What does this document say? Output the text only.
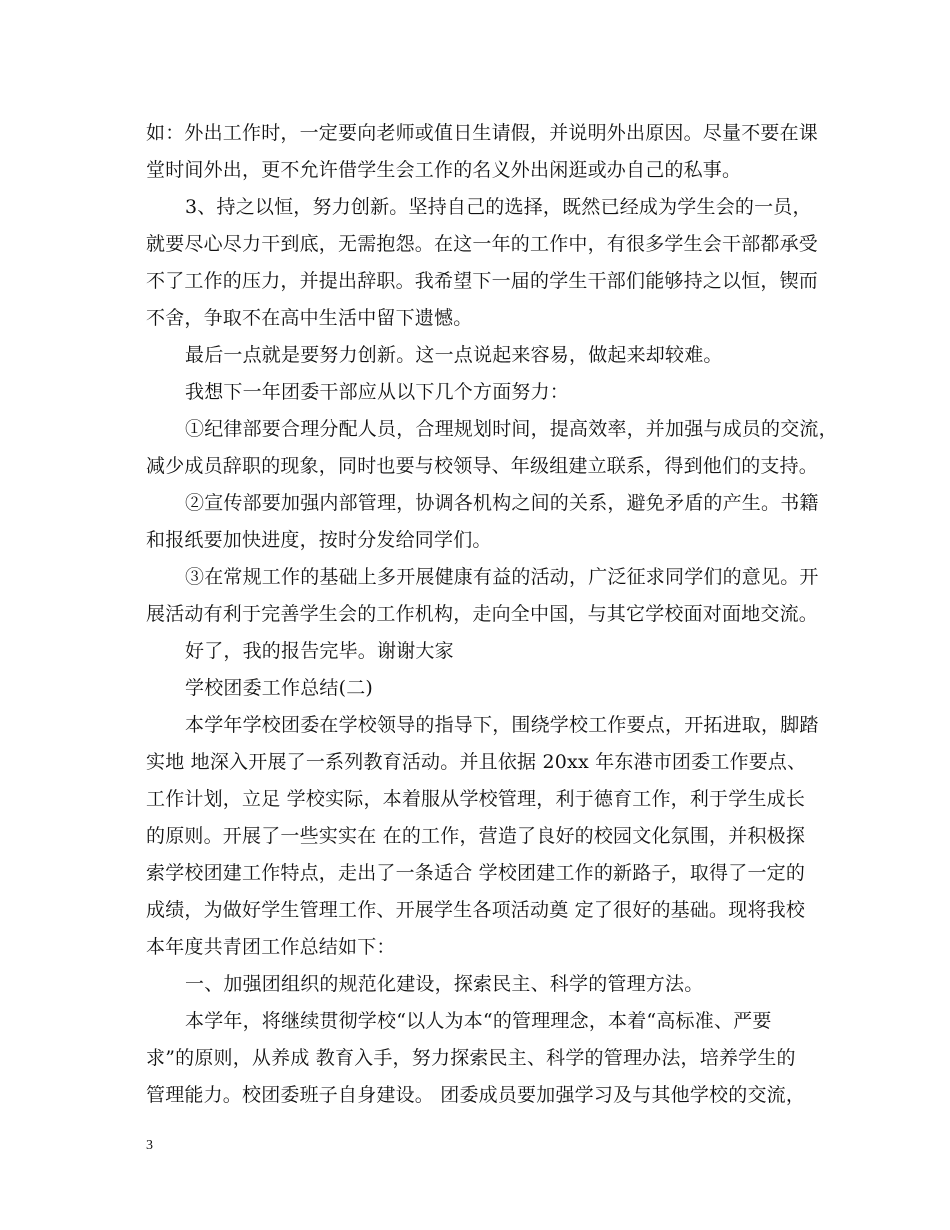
如：外出工作时，一定要向老师或值日生请假，并说明外出原因。尽量不要在课
堂时间外出，更不允许借学生会工作的名义外出闲逛或办自己的私事。
3、持之以恒，努力创新。坚持自己的选择，既然已经成为学生会的一员，
就要尽心尽力干到底，无需抱怨。在这一年的工作中，有很多学生会干部都承受
不了工作的压力，并提出辞职。我希望下一届的学生干部们能够持之以恒，锲而
不舍，争取不在高中生活中留下遗憾。
最后一点就是要努力创新。这一点说起来容易，做起来却较难。
我想下一年团委干部应从以下几个方面努力：
①纪律部要合理分配人员，合理规划时间，提高效率，并加强与成员的交流，
减少成员辞职的现象，同时也要与校领导、年级组建立联系，得到他们的支持。
②宣传部要加强内部管理，协调各机构之间的关系，避免矛盾的产生。书籍
和报纸要加快进度，按时分发给同学们。
③在常规工作的基础上多开展健康有益的活动，广泛征求同学们的意见。开
展活动有利于完善学生会的工作机构，走向全中国，与其它学校面对面地交流。
好了，我的报告完毕。谢谢大家
学校团委工作总结(二)
本学年学校团委在学校领导的指导下，围绕学校工作要点，开拓进取，脚踏
实地 地深入开展了一系列教育活动。并且依据 20xx 年东港市团委工作要点、
工作计划，立足 学校实际，本着服从学校管理，利于德育工作，利于学生成长
的原则。开展了一些实实在 在的工作，营造了良好的校园文化氛围，并积极探
索学校团建工作特点，走出了一条适合 学校团建工作的新路子，取得了一定的
成绩，为做好学生管理工作、开展学生各项活动奠 定了很好的基础。现将我校
本年度共青团工作总结如下：
一、加强团组织的规范化建设，探索民主、科学的管理方法。
本学年，将继续贯彻学校“以人为本“的管理理念，本着“高标准、严要
求”的原则，从养成 教育入手，努力探索民主、科学的管理办法，培养学生的
管理能力。校团委班子自身建设。 团委成员要加强学习及与其他学校的交流，
3
